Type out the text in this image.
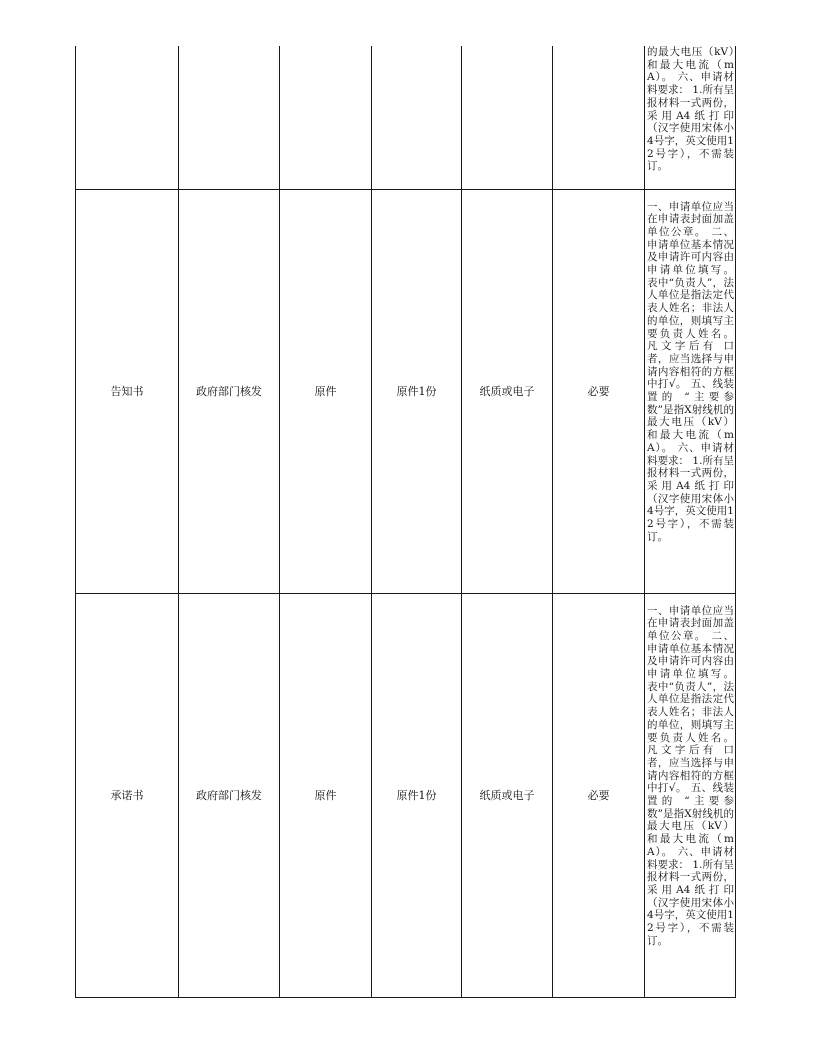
						的最大电压（kV）和最大电流（mA）。 六、申请材料要求： 1.所有呈报材料一式两份，采用A4纸打印（汉字使用宋体小4号字，英文使用12号字），不需装订。

告知书	政府部门核发	原件	原件1份	纸质或电子	必要	一、申请单位应当在申请表封面加盖单位公章。 二、申请单位基本情况及申请许可内容由申请单位填写。 表中“负责人”，法人单位是指法定代表人姓名；非法人的单位，则填写主要负责人姓名。 凡文字后有 口 者，应当选择与申请内容相符的方框中打√。 五、线装置的 “主要参数”是指X射线机的最大电压（kV）和最大电流（mA）。 六、申请材料要求： 1.所有呈报材料一式两份，采用A4纸打印（汉字使用宋体小4号字，英文使用12号字），不需装订。

承诺书	政府部门核发	原件	原件1份	纸质或电子	必要	一、申请单位应当在申请表封面加盖单位公章。 二、申请单位基本情况及申请许可内容由申请单位填写。 表中“负责人”，法人单位是指法定代表人姓名；非法人的单位，则填写主要负责人姓名。 凡文字后有 口 者，应当选择与申请内容相符的方框中打√。 五、线装置的 “主要参数”是指X射线机的最大电压（kV）和最大电流（mA）。 六、申请材料要求： 1.所有呈报材料一式两份，采用A4纸打印（汉字使用宋体小4号字，英文使用12号字），不需装订。
